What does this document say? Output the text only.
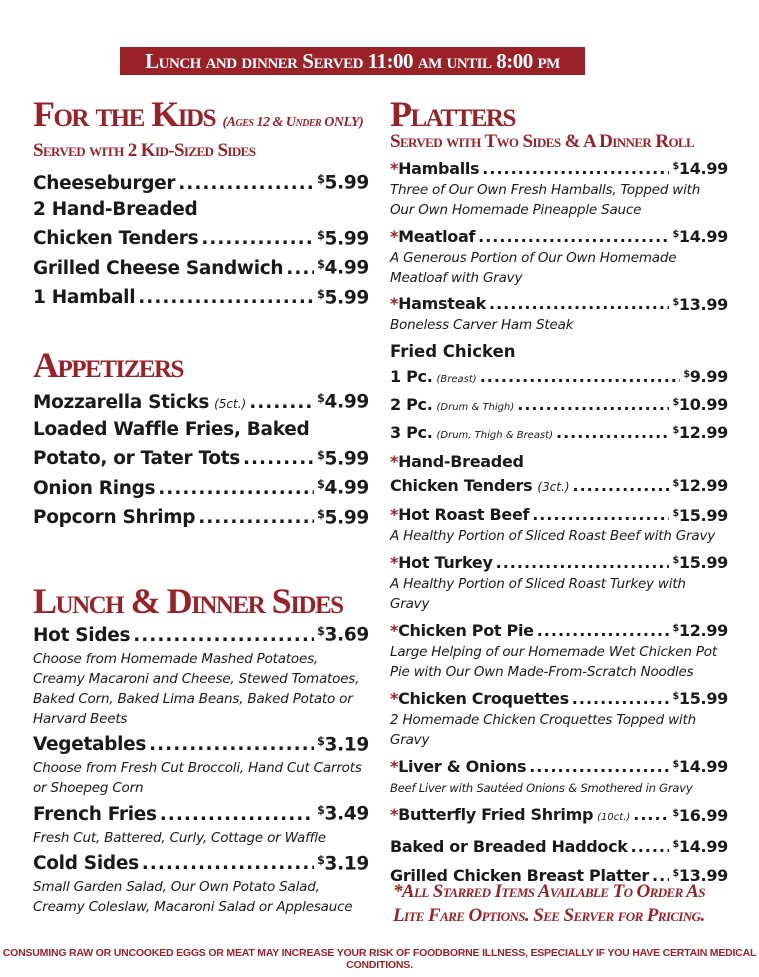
Lunch and dinner Served 11:00 am until 8:00 pm
For the Kids (Ages 12 & Under ONLY)
Served with 2 Kid-Sized Sides
Cheeseburger .....	$5.99
2 Hand-Breaded
Chicken Tenders .....	$5.99
Grilled Cheese Sandwich .....	$4.99
1 Hamball .....	$5.99
Appetizers
Mozzarella Sticks (5ct.) .....	$4.99
Loaded Waffle Fries, Baked
Potato, or Tater Tots .....	$5.99
Onion Rings .....	$4.99
Popcorn Shrimp .....	$5.99
Lunch & Dinner Sides
Hot Sides .....	$3.69
Choose from Homemade Mashed Potatoes, Creamy Macaroni and Cheese, Stewed Tomatoes, Baked Corn, Baked Lima Beans, Baked Potato or Harvard Beets
Vegetables .....	$3.19
Choose from Fresh Cut Broccoli, Hand Cut Carrots or Shoepeg Corn
French Fries .....	$3.49
Fresh Cut, Battered, Curly, Cottage or Waffle
Cold Sides .....	$3.19
Small Garden Salad, Our Own Potato Salad, Creamy Coleslaw, Macaroni Salad or Applesauce
Platters
Served with Two Sides & A Dinner Roll
*Hamballs .....	$14.99
Three of Our Own Fresh Hamballs, Topped with Our Own Homemade Pineapple Sauce
*Meatloaf .....	$14.99
A Generous Portion of Our Own Homemade Meatloaf with Gravy
*Hamsteak .....	$13.99
Boneless Carver Ham Steak
Fried Chicken
1 Pc. (Breast) .....	$9.99
2 Pc. (Drum & Thigh) .....	$10.99
3 Pc. (Drum, Thigh & Breast) .....	$12.99
*Hand-Breaded
Chicken Tenders (3ct.) .....	$12.99
*Hot Roast Beef .....	$15.99
A Healthy Portion of Sliced Roast Beef with Gravy
*Hot Turkey .....	$15.99
A Healthy Portion of Sliced Roast Turkey with Gravy
*Chicken Pot Pie .....	$12.99
Large Helping of our Homemade Wet Chicken Pot Pie with Our Own Made-From-Scratch Noodles
*Chicken Croquettes .....	$15.99
2 Homemade Chicken Croquettes Topped with Gravy
*Liver & Onions .....	$14.99
Beef Liver with Sautéed Onions & Smothered in Gravy
*Butterfly Fried Shrimp (10ct.) .....	$16.99
Baked or Breaded Haddock .....	$14.99
Grilled Chicken Breast Platter ..... $13.99
*All Starred Items Available To Order As Lite Fare Options. See Server for Pricing.
CONSUMING RAW OR UNCOOKED EGGS OR MEAT MAY INCREASE YOUR RISK OF FOODBORNE ILLNESS, ESPECIALLY IF YOU HAVE CERTAIN MEDICAL CONDITIONS.
